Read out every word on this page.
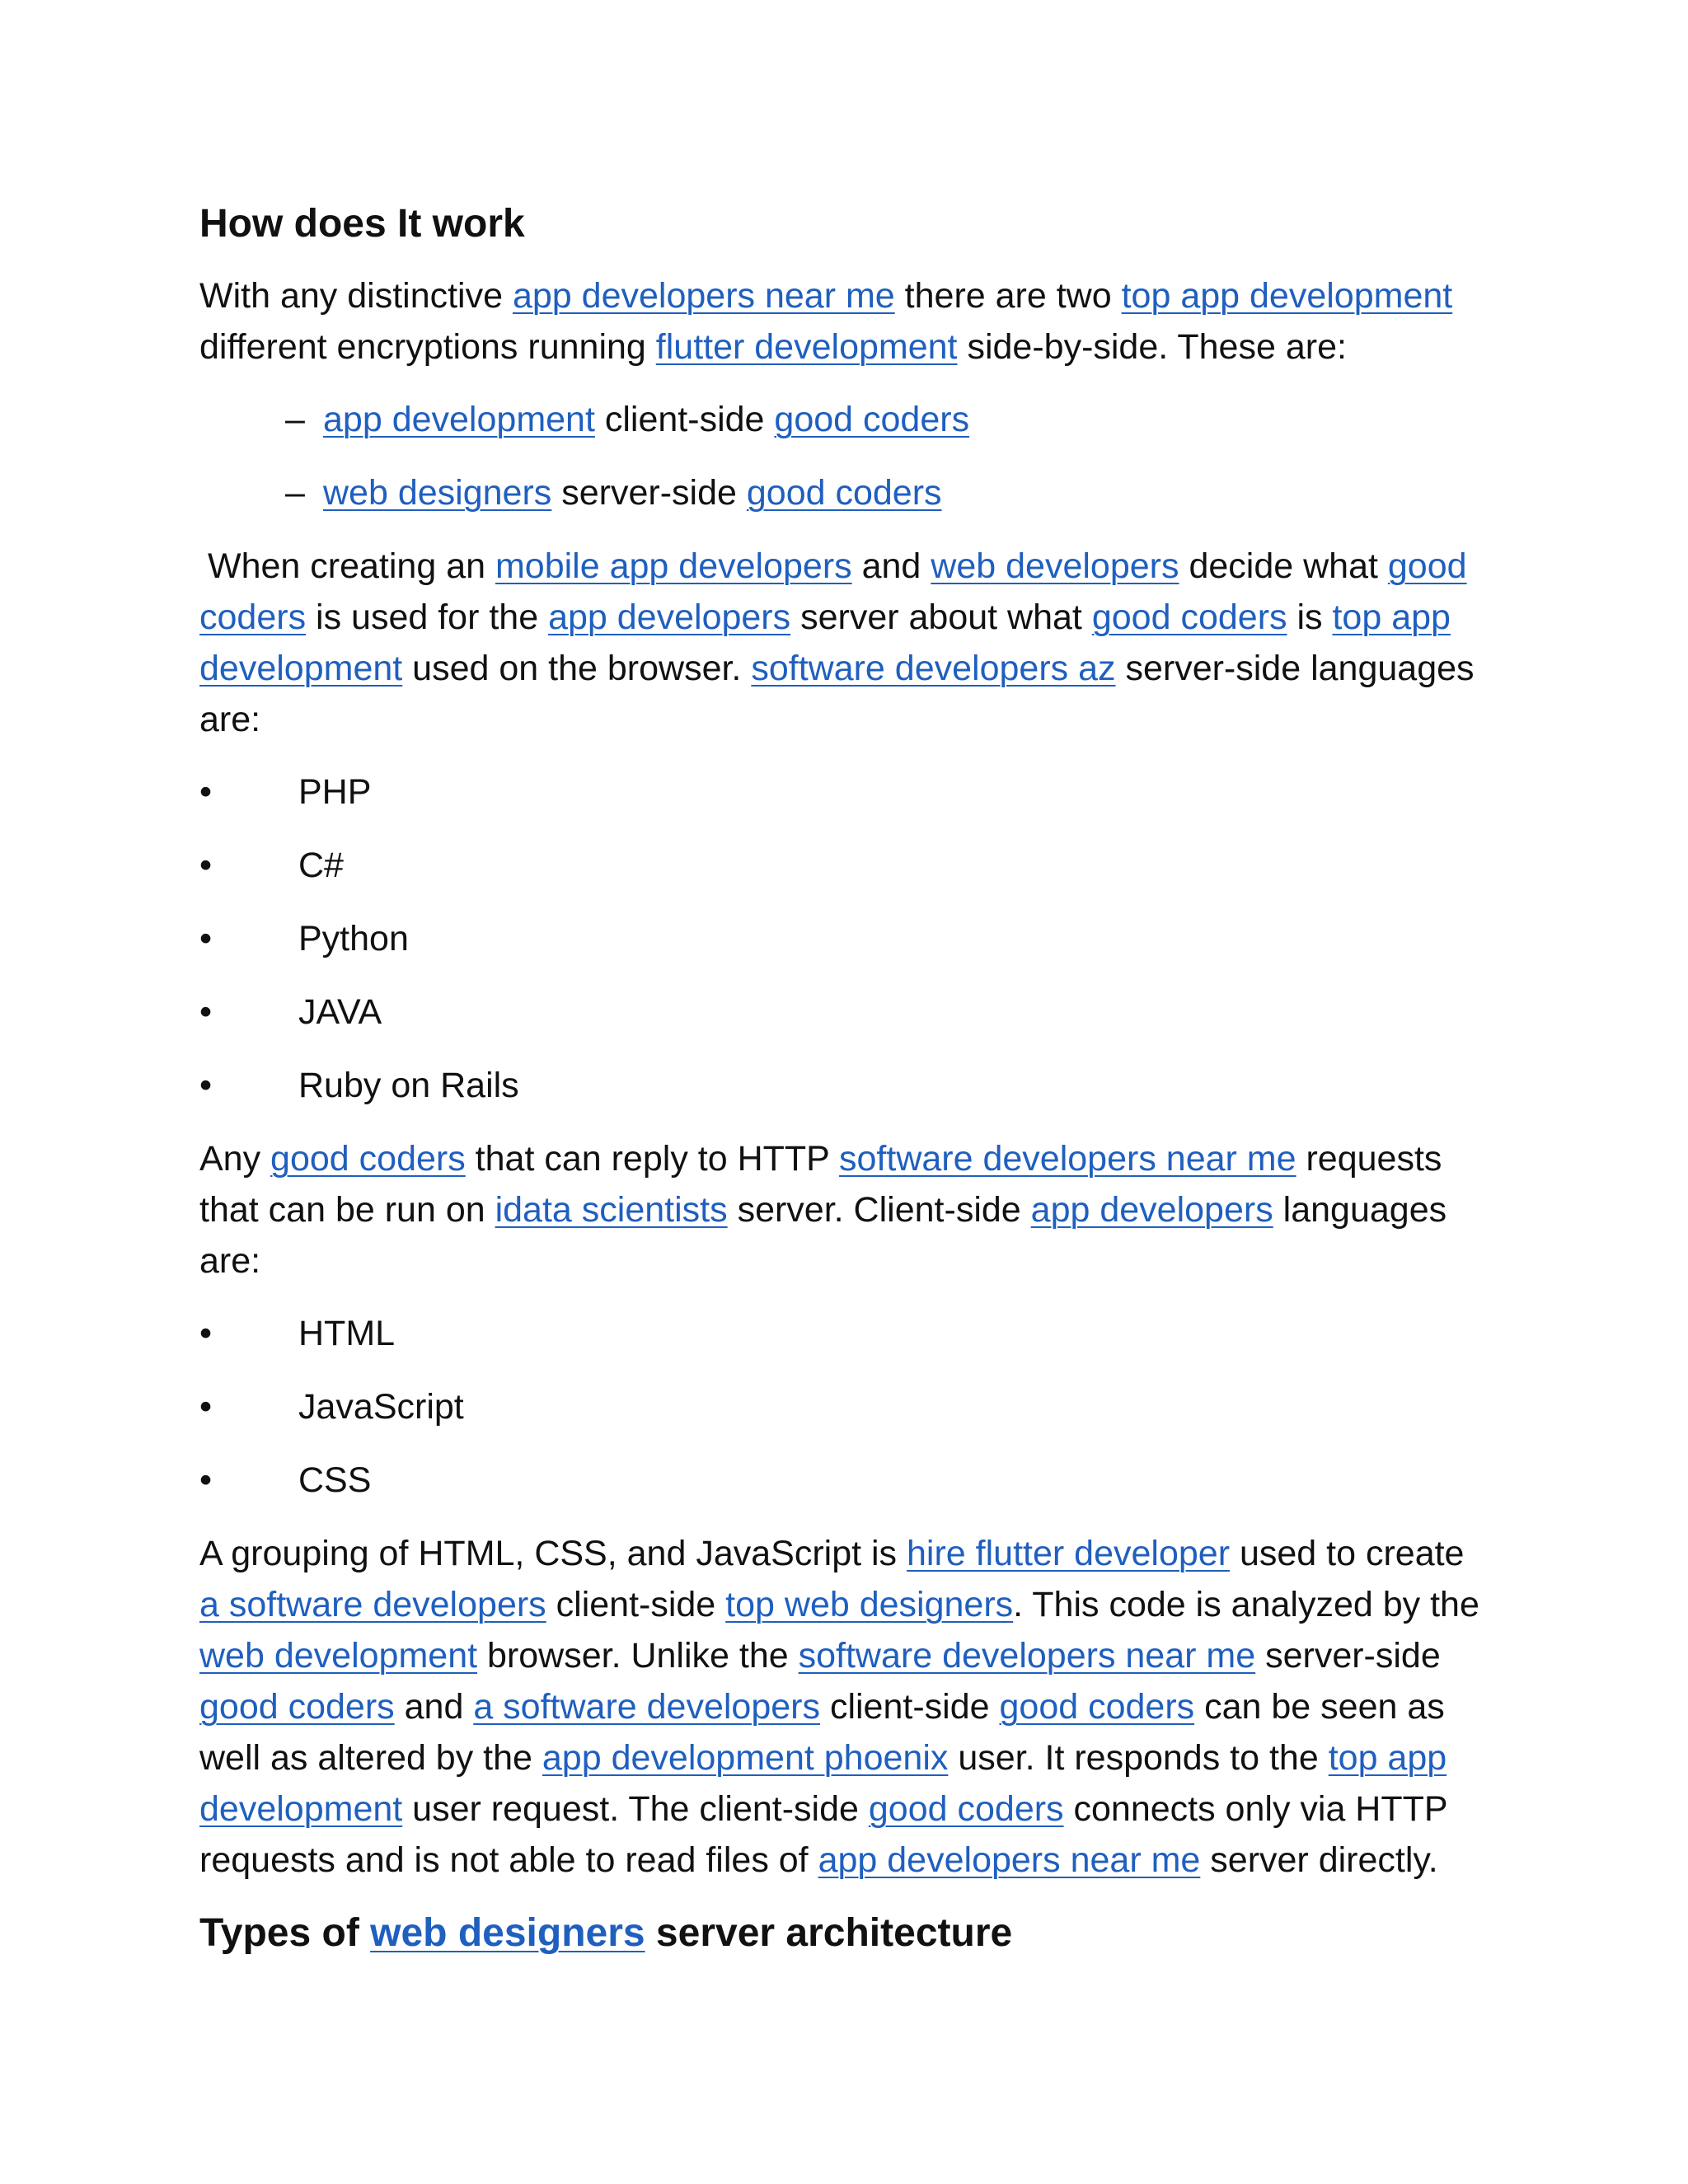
How does It work

With any distinctive app developers near me there are two top app development different encryptions running flutter development side-by-side. These are:

– app development client-side good coders
– web designers server-side good coders

When creating an mobile app developers and web developers decide what good coders is used for the app developers server about what good coders is top app development used on the browser. software developers az server-side languages are:

• PHP
• C#
• Python
• JAVA
• Ruby on Rails

Any good coders that can reply to HTTP software developers near me requests that can be run on idata scientists server. Client-side app developers languages are:

• HTML
• JavaScript
• CSS

A grouping of HTML, CSS, and JavaScript is hire flutter developer used to create a software developers client-side top web designers. This code is analyzed by the web development browser. Unlike the software developers near me server-side good coders and a software developers client-side good coders can be seen as well as altered by the app development phoenix user. It responds to the top app development user request. The client-side good coders connects only via HTTP requests and is not able to read files of app developers near me server directly.

Types of web designers server architecture
